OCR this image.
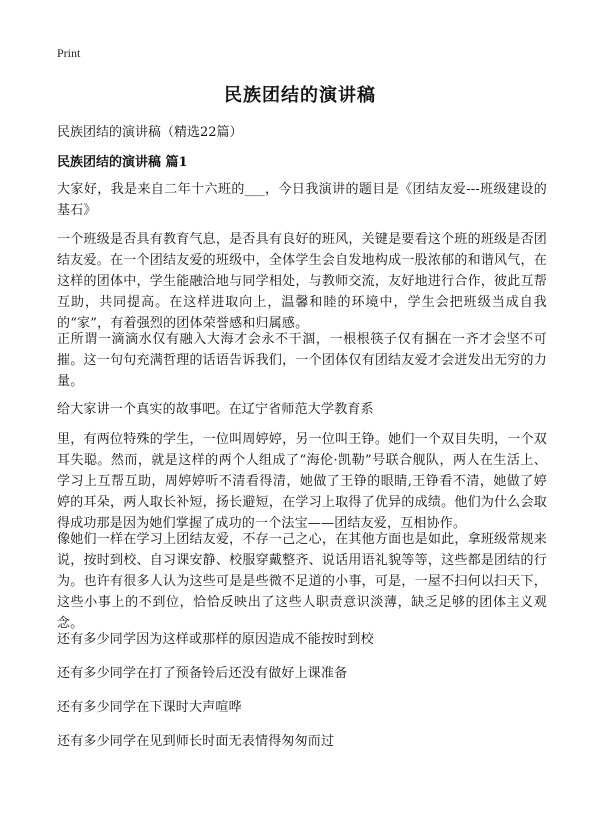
Print
民族团结的演讲稿
民族团结的演讲稿（精选22篇）
民族团结的演讲稿 篇1

大家好，我是来自二年十六班的___，今日我演讲的题目是《团结友爱---班级建设的基石》

一个班级是否具有教育气息，是否具有良好的班风，关键是要看这个班的班级是否团结友爱。在一个团结友爱的班级中，全体学生会自发地构成一股浓郁的和谐风气，在这样的团体中，学生能融洽地与同学相处，与教师交流，友好地进行合作，彼此互帮互助，共同提高。在这样进取向上，温馨和睦的环境中，学生会把班级当成自我的“家”，有着强烈的团体荣誉感和归属感。

正所谓一滴滴水仅有融入大海才会永不干涸，一根根筷子仅有捆在一齐才会坚不可摧。这一句句充满哲理的话语告诉我们，一个团体仅有团结友爱才会迸发出无穷的力量。

给大家讲一个真实的故事吧。在辽宁省师范大学教育系

里，有两位特殊的学生，一位叫周婷婷，另一位叫王铮。她们一个双目失明，一个双耳失聪。然而，就是这样的两个人组成了“海伦·凯勒”号联合舰队，两人在生活上、学习上互帮互助，周婷婷听不清看得清，她做了王铮的眼睛,王铮看不清，她做了婷婷的耳朵，两人取长补短，扬长避短，在学习上取得了优异的成绩。他们为什么会取得成功那是因为她们掌握了成功的一个法宝——团结友爱，互相协作。

像她们一样在学习上团结友爱，不存一己之心，在其他方面也是如此，拿班级常规来说，按时到校、自习课安静、校服穿戴整齐、说话用语礼貌等等，这些都是团结的行为。也许有很多人认为这些可是是些微不足道的小事，可是，一屋不扫何以扫天下，这些小事上的不到位，恰恰反映出了这些人职责意识淡薄，缺乏足够的团体主义观念。

还有多少同学因为这样或那样的原因造成不能按时到校

还有多少同学在打了预备铃后还没有做好上课准备

还有多少同学在下课时大声喧哗

还有多少同学在见到师长时面无表情得匆匆而过
